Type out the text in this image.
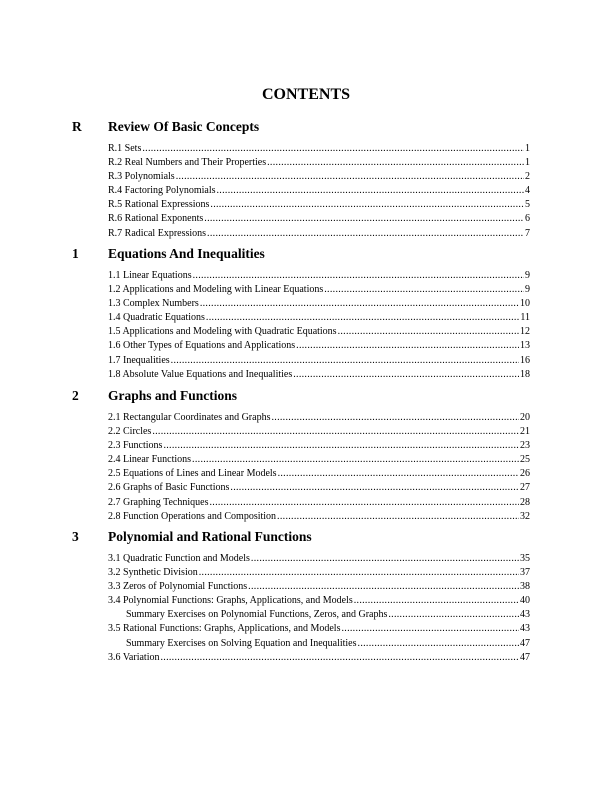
CONTENTS
R Review Of Basic Concepts
R.1 Sets .....	1
R.2 Real Numbers and Their Properties .....	1
R.3 Polynomials .....	2
R.4 Factoring Polynomials .....	4
R.5 Rational Expressions .....	5
R.6 Rational Exponents .....	6
R.7 Radical Expressions .....	7
1 Equations And Inequalities
1.1 Linear Equations .....	9
1.2 Applications and Modeling with Linear Equations .....	9
1.3 Complex Numbers .....	10
1.4 Quadratic Equations .....	11
1.5 Applications and Modeling with Quadratic Equations .....	12
1.6 Other Types of Equations and Applications .....	13
1.7 Inequalities .....	16
1.8 Absolute Value Equations and Inequalities .....	18
2 Graphs and Functions
2.1 Rectangular Coordinates and Graphs .....	20
2.2 Circles .....	21
2.3 Functions .....	23
2.4 Linear Functions .....	25
2.5 Equations of Lines and Linear Models .....	26
2.6 Graphs of Basic Functions .....	27
2.7 Graphing Techniques .....	28
2.8 Function Operations and Composition .....	32
3 Polynomial and Rational Functions
3.1 Quadratic Function and Models .....	35
3.2 Synthetic Division .....	37
3.3 Zeros of Polynomial Functions .....	38
3.4 Polynomial Functions: Graphs, Applications, and Models .....	40
Summary Exercises on Polynomial Functions, Zeros, and Graphs .....	43
3.5 Rational Functions: Graphs, Applications, and Models .....	43
Summary Exercises on Solving Equation and Inequalities .....	47
3.6 Variation .....	47
